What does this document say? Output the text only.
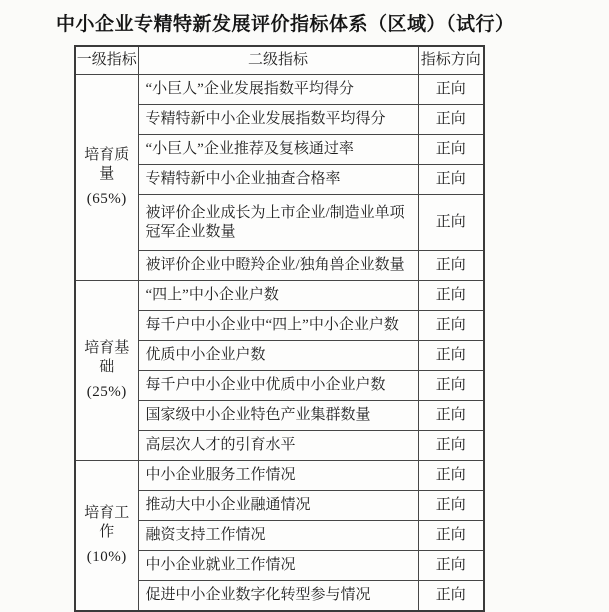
中小企业专精特新发展评价指标体系（区域）（试行）
一级指标	二级指标	指标方向

培育质量
(65%)	“小巨人”企业发展指数平均得分	正向
	专精特新中小企业发展指数平均得分	正向
	“小巨人”企业推荐及复核通过率	正向
	专精特新中小企业抽查合格率	正向
	被评价企业成长为上市企业/制造业单项冠军企业数量	正向
	被评价企业中瞪羚企业/独角兽企业数量	正向

培育基础
(25%)	“四上”中小企业户数	正向
	每千户中小企业中“四上”中小企业户数	正向
	优质中小企业户数	正向
	每千户中小企业中优质中小企业户数	正向
	国家级中小企业特色产业集群数量	正向
	高层次人才的引育水平	正向

培育工作
(10%)	中小企业服务工作情况	正向
	推动大中小企业融通情况	正向
	融资支持工作情况	正向
	中小企业就业工作情况	正向
	促进中小企业数字化转型参与情况	正向
